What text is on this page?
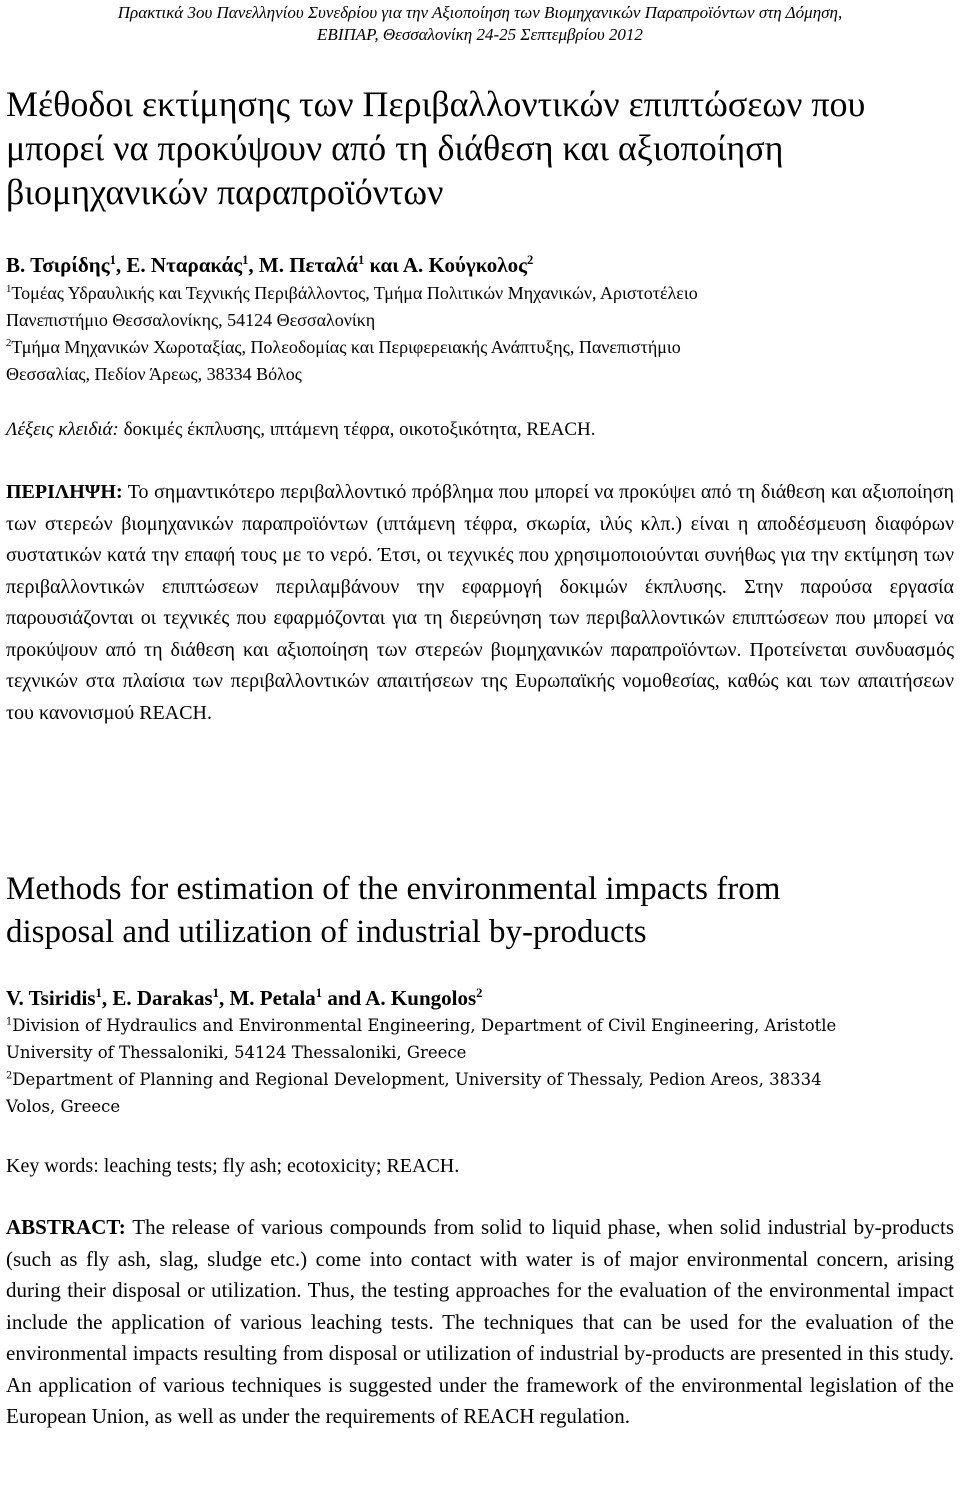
Πρακτικά 3ου Πανελληνίου Συνεδρίου για την Αξιοποίηση των Βιομηχανικών Παραπροϊόντων στη Δόμηση,
ΕΒΙΠΑΡ, Θεσσαλονίκη 24-25 Σεπτεμβρίου 2012
Μέθοδοι εκτίμησης των Περιβαλλοντικών επιπτώσεων που
μπορεί να προκύψουν από τη διάθεση και αξιοποίηση
βιομηχανικών παραπροϊόντων
Β. Τσιρίδης$^1$, Ε. Νταρακάς$^1$, Μ. Πεταλά$^1$ και Α. Κούγκολος$^2$
$^1$Τομέας Υδραυλικής και Τεχνικής Περιβάλλοντος, Τμήμα Πολιτικών Μηχανικών, Αριστοτέλειο
Πανεπιστήμιο Θεσσαλονίκης, 54124 Θεσσαλονίκη
$^2$Τμήμα Μηχανικών Χωροταξίας, Πολεοδομίας και Περιφερειακής Ανάπτυξης, Πανεπιστήμιο
Θεσσαλίας, Πεδίον Άρεως, 38334 Βόλος
Λέξεις κλειδιά: δοκιμές έκπλυσης, ιπτάμενη τέφρα, οικοτοξικότητα, REACH.
ΠΕΡΙΛΗΨΗ: Το σημαντικότερο περιβαλλοντικό πρόβλημα που μπορεί να προκύψει από τη διάθεση και αξιοποίηση των στερεών βιομηχανικών παραπροϊόντων (ιπτάμενη τέφρα, σκωρία, ιλύς κλπ.) είναι η αποδέσμευση διαφόρων συστατικών κατά την επαφή τους με το νερό. Έτσι, οι τεχνικές που χρησιμοποιούνται συνήθως για την εκτίμηση των περιβαλλοντικών επιπτώσεων περιλαμβάνουν την εφαρμογή δοκιμών έκπλυσης. Στην παρούσα εργασία παρουσιάζονται οι τεχνικές που εφαρμόζονται για τη διερεύνηση των περιβαλλοντικών επιπτώσεων που μπορεί να προκύψουν από τη διάθεση και αξιοποίηση των στερεών βιομηχανικών παραπροϊόντων. Προτείνεται συνδυασμός τεχνικών στα πλαίσια των περιβαλλοντικών απαιτήσεων της Ευρωπαϊκής νομοθεσίας, καθώς και των απαιτήσεων του κανονισμού REACH.
Methods for estimation of the environmental impacts from
disposal and utilization of industrial by-products
V. Tsiridis$^1$, E. Darakas$^1$, M. Petala$^1$ and A. Kungolos$^2$
$^1$Division of Hydraulics and Environmental Engineering, Department of Civil Engineering, Aristotle
University of Thessaloniki, 54124 Thessaloniki, Greece
$^2$Department of Planning and Regional Development, University of Thessaly, Pedion Areos, 38334
Volos, Greece
Key words: leaching tests; fly ash; ecotoxicity; REACH.
ABSTRACT: The release of various compounds from solid to liquid phase, when solid industrial by-products (such as fly ash, slag, sludge etc.) come into contact with water is of major environmental concern, arising during their disposal or utilization. Thus, the testing approaches for the evaluation of the environmental impact include the application of various leaching tests. The techniques that can be used for the evaluation of the environmental impacts resulting from disposal or utilization of industrial by-products are presented in this study. An application of various techniques is suggested under the framework of the environmental legislation of the European Union, as well as under the requirements of REACH regulation.
